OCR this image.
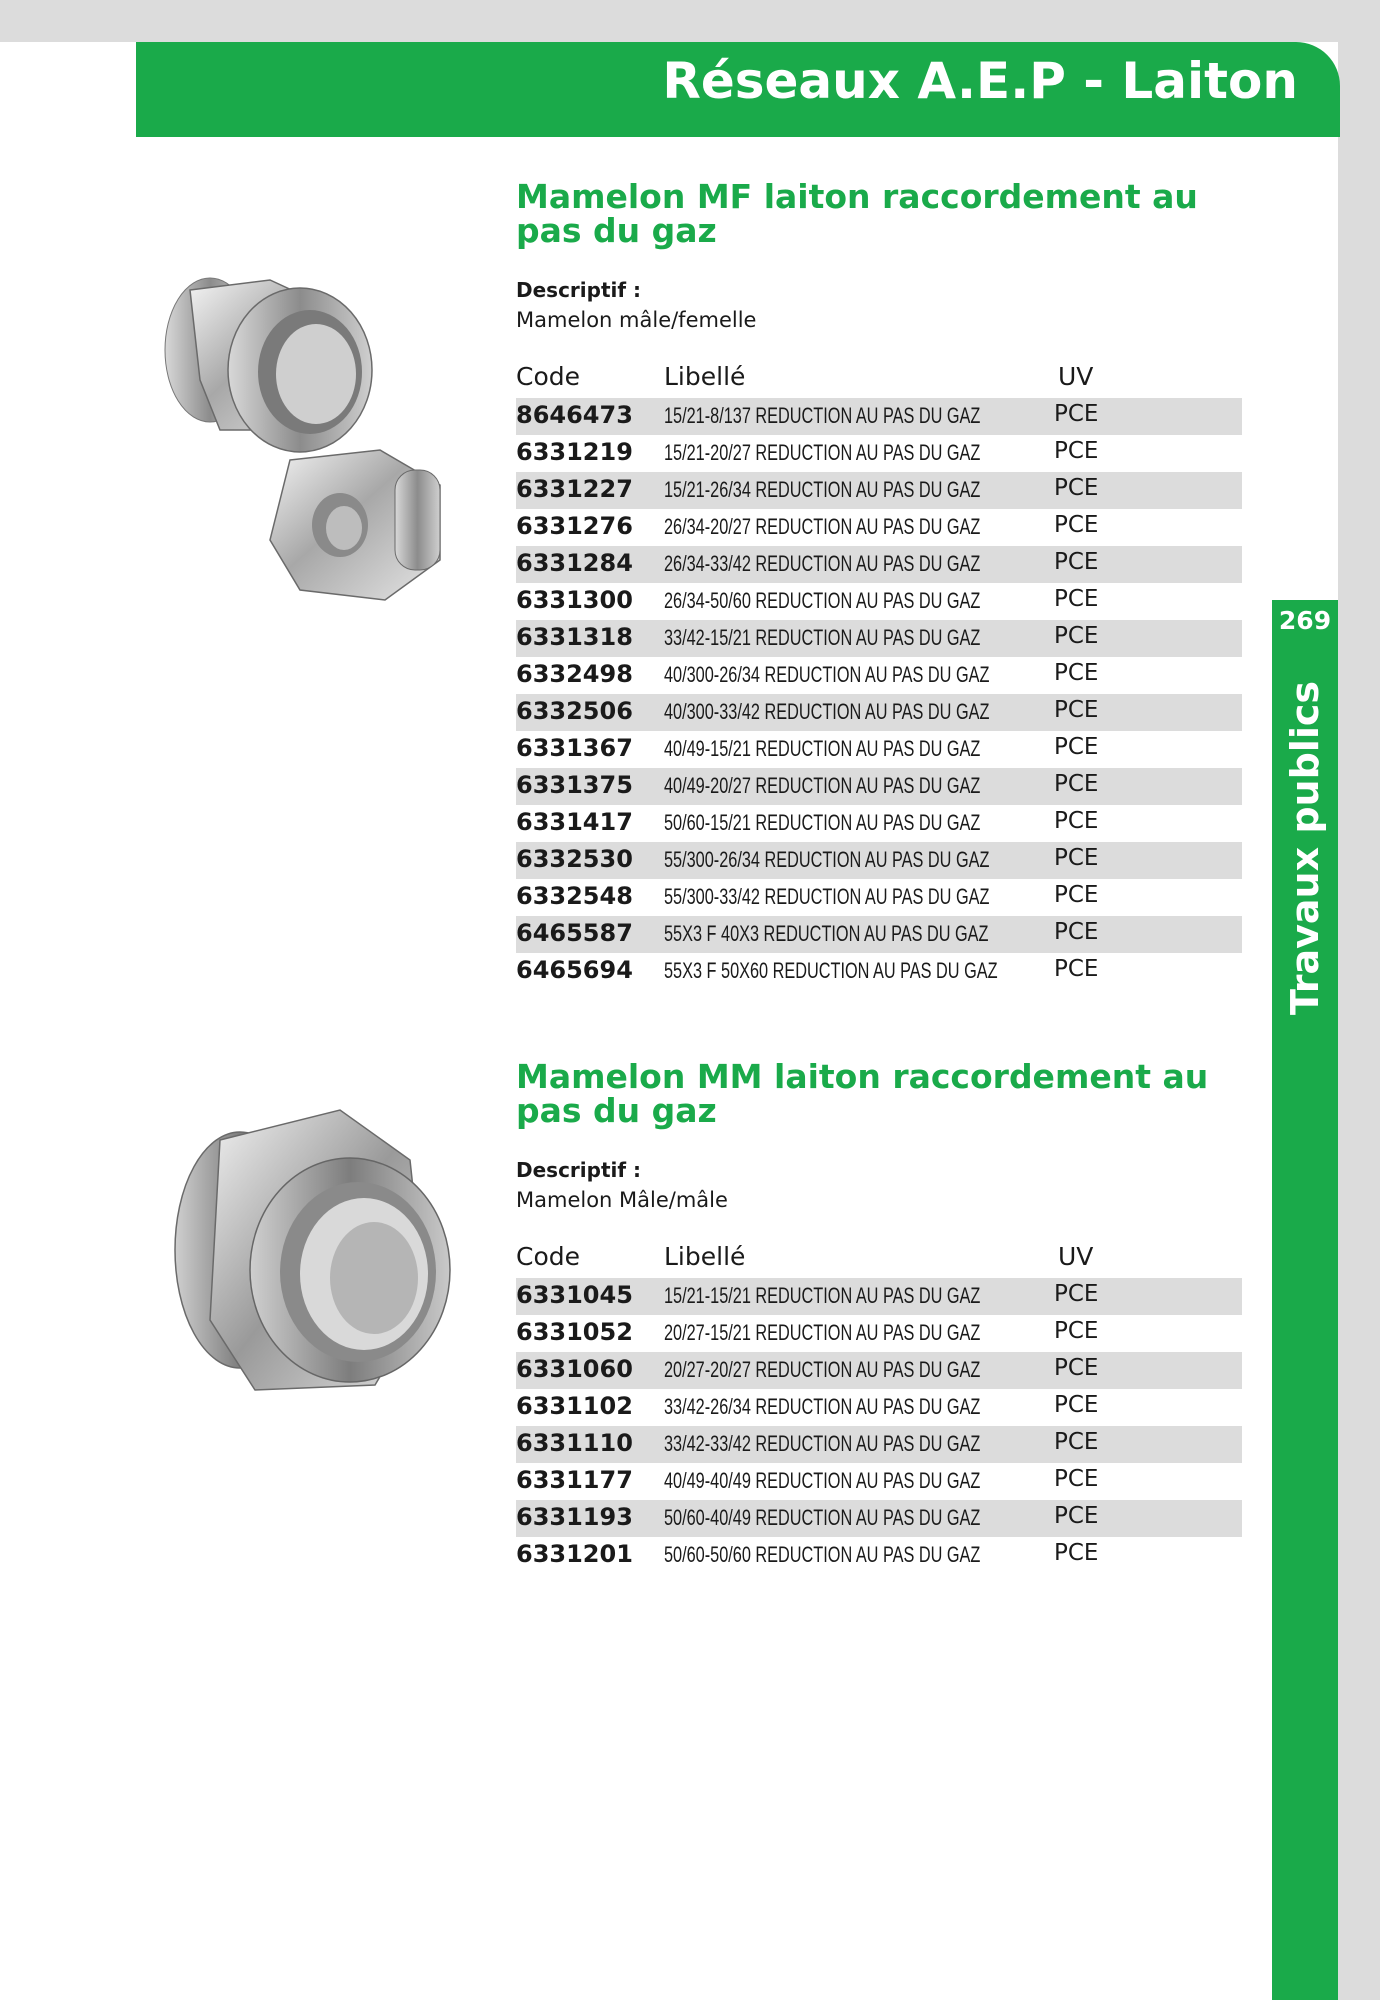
Réseaux A.E.P - Laiton
269
Travaux publics
Mamelon MF laiton raccordement au pas du gaz
Descriptif :
Mamelon mâle/femelle
Code	Libellé	UV
8646473 15/21-8/137 REDUCTION AU PAS DU GAZ	PCE
6331219 15/21-20/27 REDUCTION AU PAS DU GAZ	PCE
6331227 15/21-26/34 REDUCTION AU PAS DU GAZ	PCE
6331276 26/34-20/27 REDUCTION AU PAS DU GAZ	PCE
6331284 26/34-33/42 REDUCTION AU PAS DU GAZ	PCE
6331300 26/34-50/60 REDUCTION AU PAS DU GAZ	PCE
6331318 33/42-15/21 REDUCTION AU PAS DU GAZ	PCE
6332498 40/300-26/34 REDUCTION AU PAS DU GAZ	PCE
6332506 40/300-33/42 REDUCTION AU PAS DU GAZ	PCE
6331367 40/49-15/21 REDUCTION AU PAS DU GAZ	PCE
6331375 40/49-20/27 REDUCTION AU PAS DU GAZ	PCE
6331417 50/60-15/21 REDUCTION AU PAS DU GAZ	PCE
6332530 55/300-26/34 REDUCTION AU PAS DU GAZ	PCE
6332548 55/300-33/42 REDUCTION AU PAS DU GAZ	PCE
6465587 55X3 F 40X3 REDUCTION AU PAS DU GAZ	PCE
6465694 55X3 F 50X60 REDUCTION AU PAS DU GAZ PCE
Mamelon MM laiton raccordement au pas du gaz
Descriptif :
Mamelon Mâle/mâle
Code	Libellé	UV
6331045 15/21-15/21 REDUCTION AU PAS DU GAZ	PCE
6331052 20/27-15/21 REDUCTION AU PAS DU GAZ	PCE
6331060 20/27-20/27 REDUCTION AU PAS DU GAZ	PCE
6331102 33/42-26/34 REDUCTION AU PAS DU GAZ	PCE
6331110 33/42-33/42 REDUCTION AU PAS DU GAZ	PCE
6331177 40/49-40/49 REDUCTION AU PAS DU GAZ	PCE
6331193 50/60-40/49 REDUCTION AU PAS DU GAZ	PCE
6331201 50/60-50/60 REDUCTION AU PAS DU GAZ	PCE
